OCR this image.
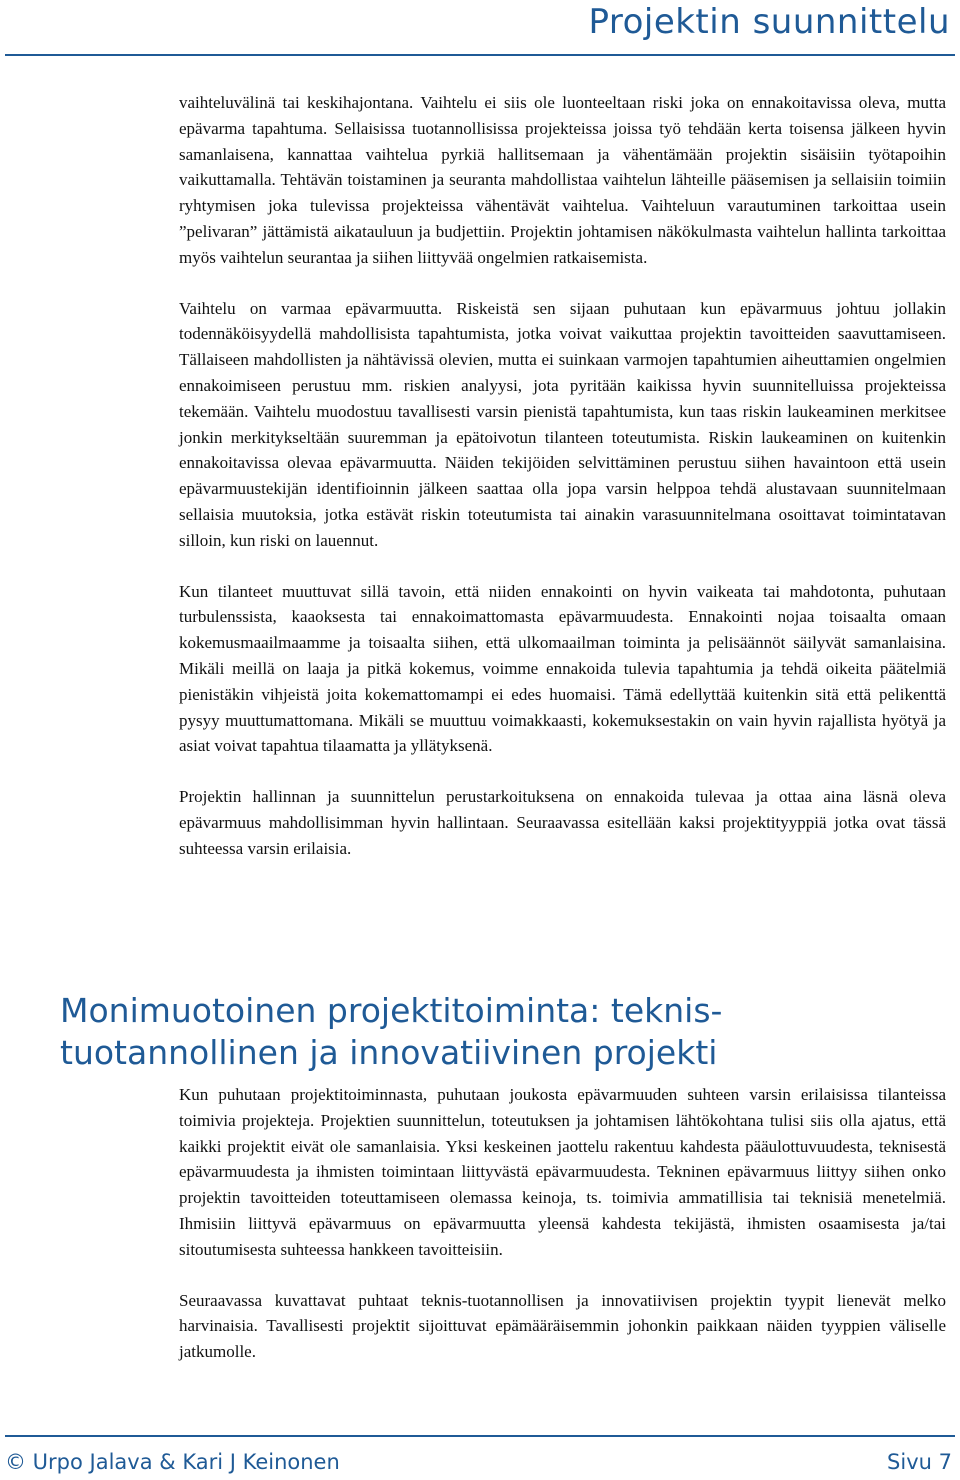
Projektin suunnittelu

vaihteluvälinä tai keskihajontana. Vaihtelu ei siis ole luonteeltaan riski joka on ennakoitavissa oleva, mutta epävarma tapahtuma. Sellaisissa tuotannollisissa projekteissa joissa työ tehdään kerta toisensa jälkeen hyvin samanlaisena, kannattaa vaihtelua pyrkiä hallitsemaan ja vähentämään projektin sisäisiin työtapoihin vaikuttamalla. Tehtävän toistaminen ja seuranta mahdollistaa vaihtelun lähteille pääsemisen ja sellaisiin toimiin ryhtymisen joka tulevissa projekteissa vähentävät vaihtelua. Vaihteluun varautuminen tarkoittaa usein ”pelivaran” jättämistä aikatauluun ja budjettiin. Projektin johtamisen näkökulmasta vaihtelun hallinta tarkoittaa myös vaihtelun seurantaa ja siihen liittyvää ongelmien ratkaisemista.

Vaihtelu on varmaa epävarmuutta. Riskeistä sen sijaan puhutaan kun epävarmuus johtuu jollakin todennäköisyydellä mahdollisista tapahtumista, jotka voivat vaikuttaa projektin tavoitteiden saavuttamiseen. Tällaiseen mahdollisten ja nähtävissä olevien, mutta ei suinkaan varmojen tapahtumien aiheuttamien ongelmien ennakoimiseen perustuu mm. riskien analyysi, jota pyritään kaikissa hyvin suunnitelluissa projekteissa tekemään. Vaihtelu muodostuu tavallisesti varsin pienistä tapahtumista, kun taas riskin laukeaminen merkitsee jonkin merkitykseltään suuremman ja epätoivotun tilanteen toteutumista. Riskin laukeaminen on kuitenkin ennakoitavissa olevaa epävarmuutta. Näiden tekijöiden selvittäminen perustuu siihen havaintoon että usein epävarmuustekijän identifioinnin jälkeen saattaa olla jopa varsin helppoa tehdä alustavaan suunnitelmaan sellaisia muutoksia, jotka estävät riskin toteutumista tai ainakin varasuunnitelmana osoittavat toimintatavan silloin, kun riski on lauennut.

Kun tilanteet muuttuvat sillä tavoin, että niiden ennakointi on hyvin vaikeata tai mahdotonta, puhutaan turbulenssista, kaaoksesta tai ennakoimattomasta epävarmuudesta. Ennakointi nojaa toisaalta omaan kokemusmaailmaamme ja toisaalta siihen, että ulkomaailman toiminta ja pelisäännöt säilyvät samanlaisina. Mikäli meillä on laaja ja pitkä kokemus, voimme ennakoida tulevia tapahtumia ja tehdä oikeita päätelmiä pienistäkin vihjeistä joita kokemattomampi ei edes huomaisi. Tämä edellyttää kuitenkin sitä että pelikenttä pysyy muuttumattomana. Mikäli se muuttuu voimakkaasti, kokemuksestakin on vain hyvin rajallista hyötyä ja asiat voivat tapahtua tilaamatta ja yllätyksenä.

Projektin hallinnan ja suunnittelun perustarkoituksena on ennakoida tulevaa ja ottaa aina läsnä oleva epävarmuus mahdollisimman hyvin hallintaan. Seuraavassa esitellään kaksi projektityyppiä jotka ovat tässä suhteessa varsin erilaisia.

Monimuotoinen projektitoiminta: teknis-tuotannollinen ja innovatiivinen projekti

Kun puhutaan projektitoiminnasta, puhutaan joukosta epävarmuuden suhteen varsin erilaisissa tilanteissa toimivia projekteja. Projektien suunnittelun, toteutuksen ja johtamisen lähtökohtana tulisi siis olla ajatus, että kaikki projektit eivät ole samanlaisia. Yksi keskeinen jaottelu rakentuu kahdesta pääulottuvuudesta, teknisestä epävarmuudesta ja ihmisten toimintaan liittyvästä epävarmuudesta. Tekninen epävarmuus liittyy siihen onko projektin tavoitteiden toteuttamiseen olemassa keinoja, ts. toimivia ammatillisia tai teknisiä menetelmiä. Ihmisiin liittyvä epävarmuus on epävarmuutta yleensä kahdesta tekijästä, ihmisten osaamisesta ja/tai sitoutumisesta suhteessa hankkeen tavoitteisiin.

Seuraavassa kuvattavat puhtaat teknis-tuotannollisen ja innovatiivisen projektin tyypit lienevät melko harvinaisia. Tavallisesti projektit sijoittuvat epämääräisemmin johonkin paikkaan näiden tyyppien väliselle jatkumolle.

© Urpo Jalava & Kari J Keinonen	Sivu 7
